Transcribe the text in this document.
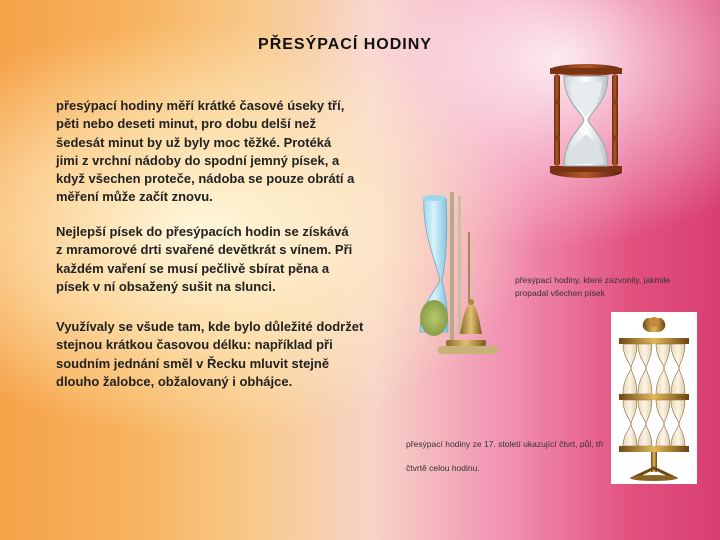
PŘESÝPACÍ HODINY

přesýpací hodiny měří krátké časové úseky tří, pěti nebo deseti minut, pro dobu delší než šedesát minut by už byly moc těžké. Protéká jimi z vrchní nádoby do spodní jemný písek, a když všechen proteče, nádoba se pouze obrátí a měření může začít znovu.

Nejlepší písek do přesýpacích hodin se získává z mramorové drti svařené devětkrát s vínem. Při každém vaření se musí pečlivě sbírat pěna a písek v ní obsažený sušit na slunci.

Využívaly se všude tam, kde bylo důležité dodržet stejnou krátkou časovou délku: například při soudním jednání směl v Řecku mluvit stejně dlouho žalobce, obžalovaný i obhájce.

přesýpací hodiny, které zazvonily, jakmile propadal všechen písek
přesýpací hodiny ze 17. století ukazující čtvrt, půl, tři čtvrtě celou hodinu.
